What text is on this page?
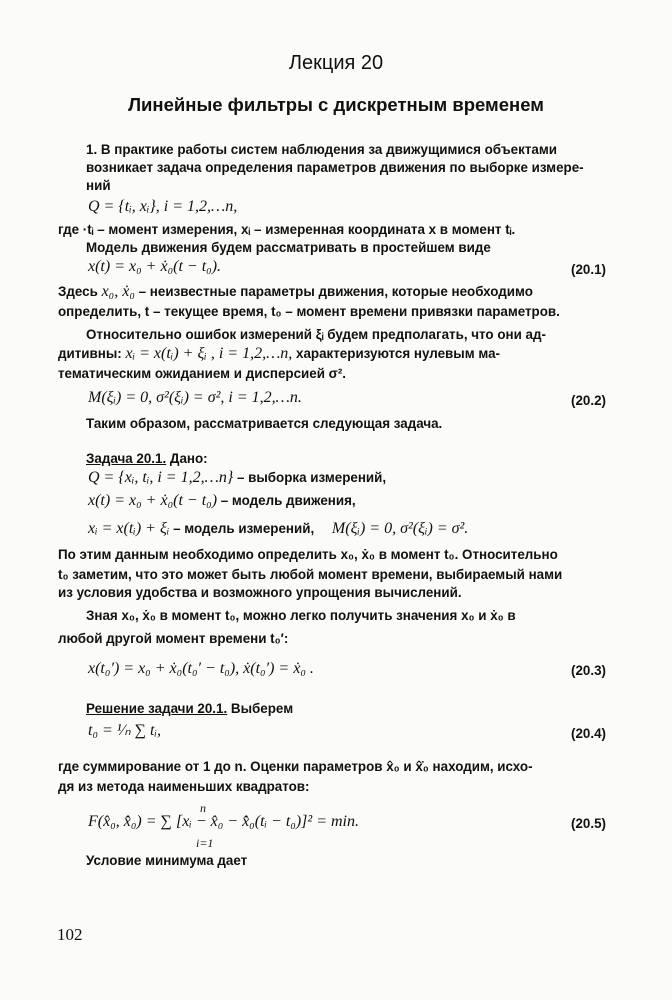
Лекция 20
Линейные фильтры с дискретным временем
1. В практике работы систем наблюдения за движущимися объектами
возникает задача определения параметров движения по выборке измере-
ний
Q = {tᵢ, xᵢ}, i = 1,2,…n,
где ·tᵢ – момент измерения, xᵢ – измеренная координата x в момент tᵢ.
Модель движения будем рассматривать в простейшем виде
x(t) = x₀ + ẋ₀(t − t₀).	(20.1)
Здесь x₀, ẋ₀ – неизвестные параметры движения, которые необходимо
определить, t – текущее время, t₀ – момент времени привязки параметров.
Относительно ошибок измерений ξᵢ будем предполагать, что они ад-
дитивны: xᵢ = x(tᵢ) + ξᵢ , i = 1,2,…n, характеризуются нулевым ма-
тематическим ожиданием и дисперсией σ².
M(ξᵢ) = 0, σ²(ξᵢ) = σ², i = 1,2,…n.	(20.2)
Таким образом, рассматривается следующая задача.
Задача 20.1. Дано:
Q = {xᵢ, tᵢ, i = 1,2,…n} – выборка измерений,
x(t) = x₀ + ẋ₀(t − t₀) – модель движения,
xᵢ = x(tᵢ) + ξᵢ – модель измерений, M(ξᵢ) = 0, σ²(ξᵢ) = σ².
По этим данным необходимо определить x₀, ẋ₀ в момент t₀. Относительно
t₀ заметим, что это может быть любой момент времени, выбираемый нами
из условия удобства и возможного упрощения вычислений.
Зная x₀, ẋ₀ в момент t₀, можно легко получить значения x₀ и ẋ₀ в
любой другой момент времени t₀′:
x(t₀′) = x₀ + ẋ₀(t₀′ − t₀), ẋ(t₀′) = ẋ₀ .	(20.3)
Решение задачи 20.1. Выберем
t₀ = ¹⁄ₙ ∑ tᵢ,	(20.4)
где суммирование от 1 до n. Оценки параметров x̂₀ и x̂̇₀ находим, исхо-
дя из метода наименьших квадратов:
n
F(x̂₀, x̂̇₀) = ∑ [xᵢ − x̂₀ − x̂̇₀(tᵢ − t₀)]² = min.
i=1
(20.5)
Условие минимума дает
102
